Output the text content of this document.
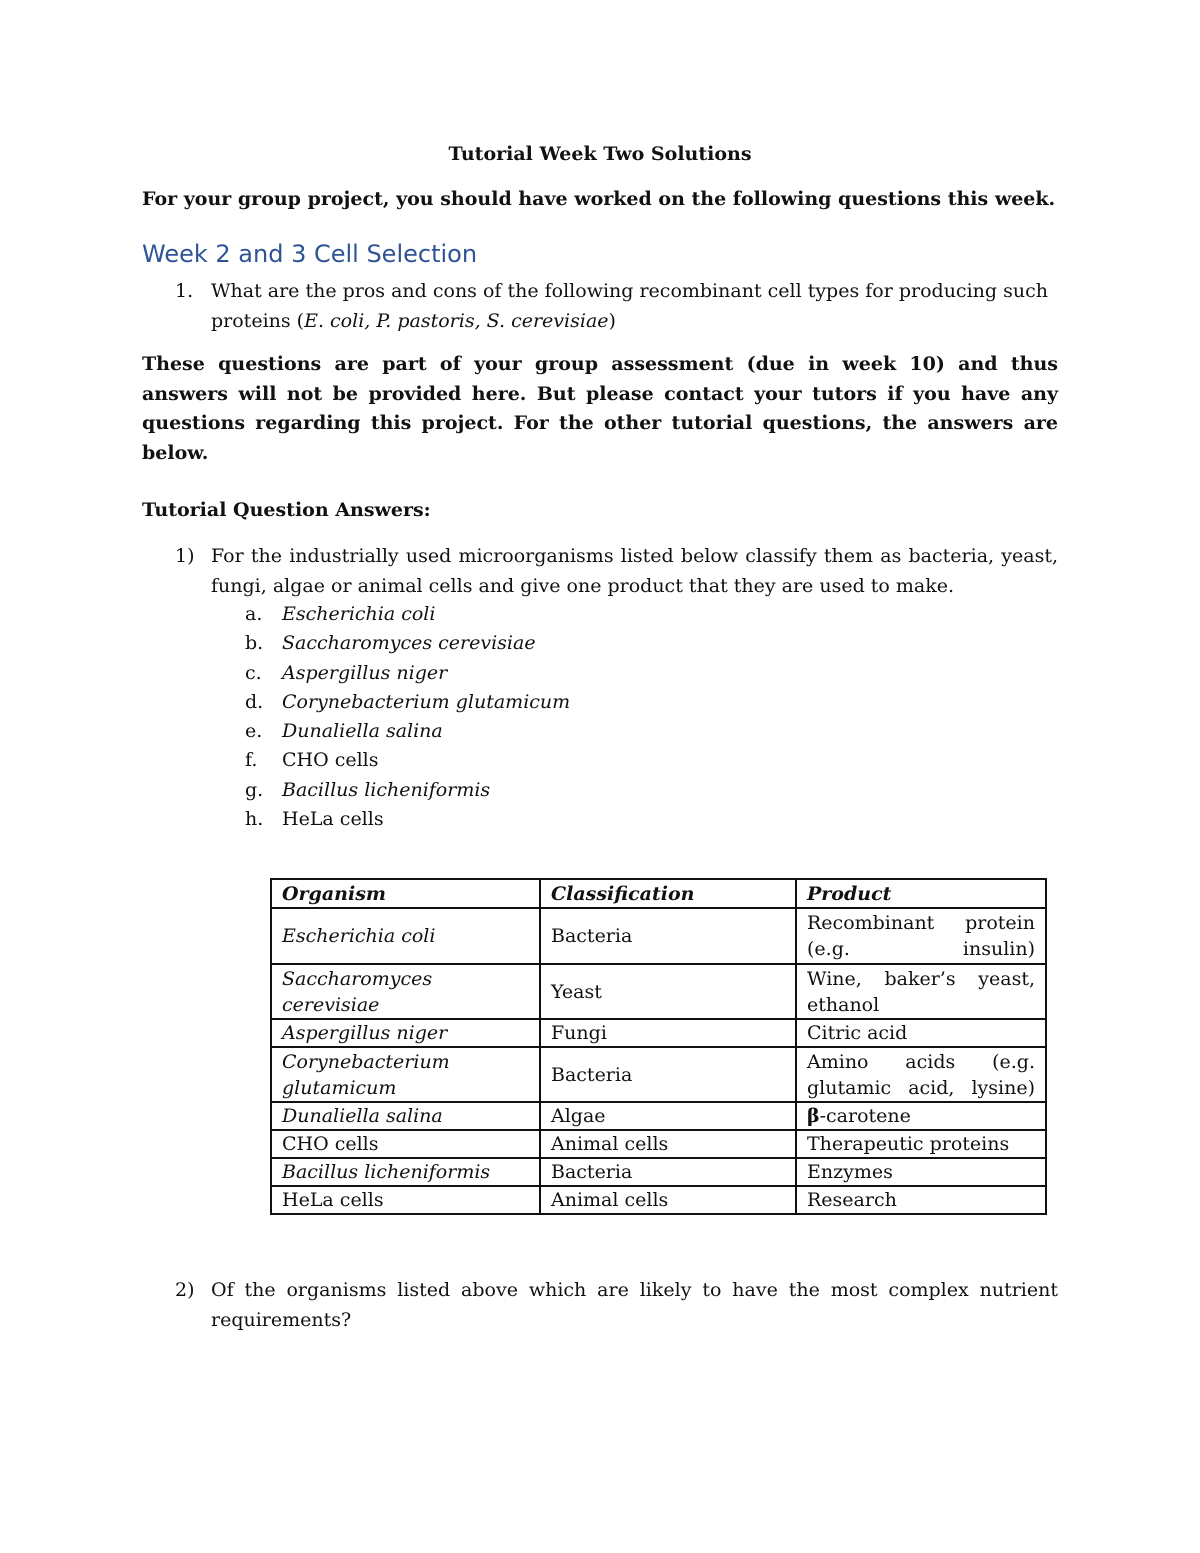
Tutorial Week Two Solutions
For your group project, you should have worked on the following questions this week.
Week 2 and 3 Cell Selection
1. What are the pros and cons of the following recombinant cell types for producing such proteins (E. coli, P. pastoris, S. cerevisiae)
These questions are part of your group assessment (due in week 10) and thus answers will not be provided here. But please contact your tutors if you have any questions regarding this project. For the other tutorial questions, the answers are below.
Tutorial Question Answers:
1) For the industrially used microorganisms listed below classify them as bacteria, yeast, fungi, algae or animal cells and give one product that they are used to make.
a. Escherichia coli
b. Saccharomyces cerevisiae
c. Aspergillus niger
d. Corynebacterium glutamicum
e. Dunaliella salina
f. CHO cells
g. Bacillus licheniformis
h. HeLa cells
Organism	Classification	Product
Escherichia coli	Bacteria	Recombinant protein (e.g. insulin)
Saccharomyces cerevisiae	Yeast	Wine, baker’s yeast, ethanol
Aspergillus niger	Fungi	Citric acid
Corynebacterium glutamicum	Bacteria	Amino acids (e.g. glutamic acid, lysine)
Dunaliella salina	Algae	β-carotene
CHO cells	Animal cells	Therapeutic proteins
Bacillus licheniformis	Bacteria	Enzymes
HeLa cells	Animal cells	Research
2) Of the organisms listed above which are likely to have the most complex nutrient requirements?
